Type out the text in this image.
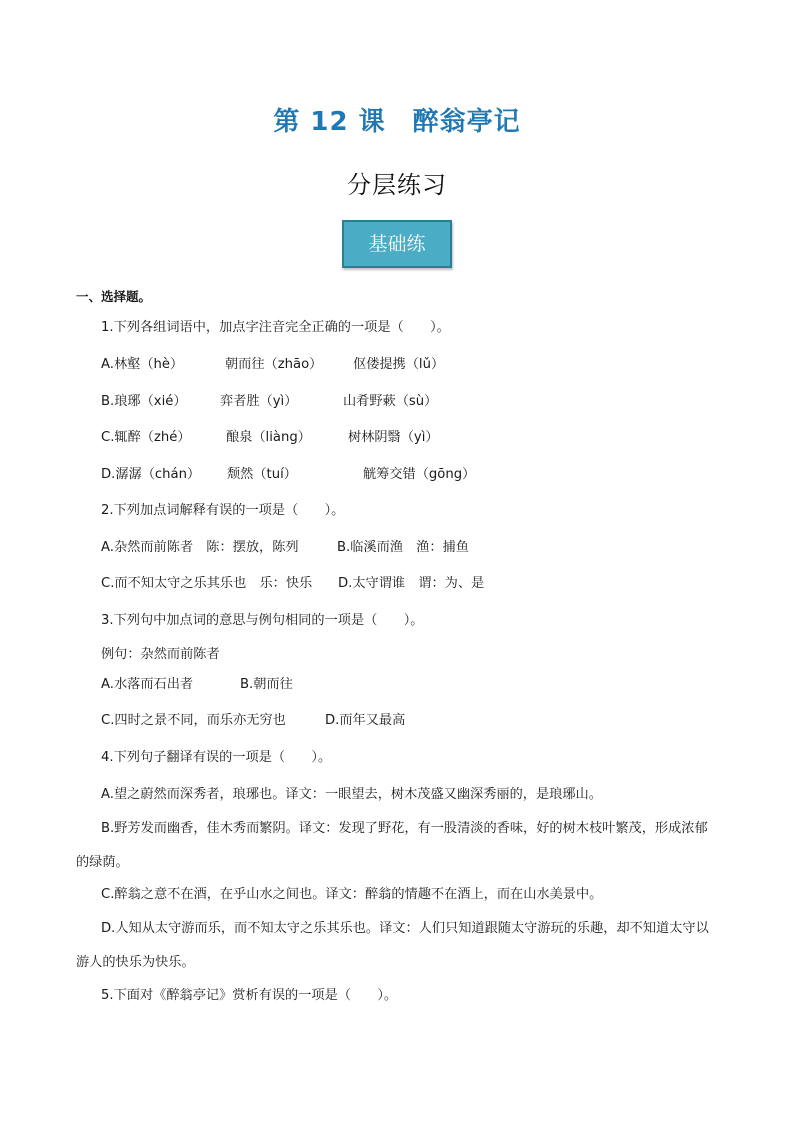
第 12 课　醉翁亭记
分层练习
基础练
一、选择题。
1.下列各组词语中，加点字注音完全正确的一项是（　　）。
A.林壑（hè）	朝而往（zhāo） 伛偻提携（lǔ）
B.琅琊（xié）	弈者胜（yì）	山肴野蔌（sù）
C.辄醉（zhé）	酿泉（liàng）	树林阴翳（yì）
D.潺潺（chán） 颓然（tuí）	觥筹交错（gōng）
2.下列加点词解释有误的一项是（　　）。
A.杂然而前陈者　陈：摆放，陈列	B.临溪而渔　渔：捕鱼
C.而不知太守之乐其乐也　乐：快乐 D.太守谓谁　谓：为、是
3.下列句中加点词的意思与例句相同的一项是（　　）。
例句：杂然而前陈者
A.水落而石出者	B.朝而往
C.四时之景不同，而乐亦无穷也	D.而年又最高
4.下列句子翻译有误的一项是（　　）。
A.望之蔚然而深秀者，琅琊也。译文：一眼望去，树木茂盛又幽深秀丽的，是琅琊山。
B.野芳发而幽香，佳木秀而繁阴。译文：发现了野花，有一股清淡的香味，好的树木枝叶繁茂，形成浓郁的绿荫。
C.醉翁之意不在酒，在乎山水之间也。译文：醉翁的情趣不在酒上，而在山水美景中。
D.人知从太守游而乐，而不知太守之乐其乐也。译文：人们只知道跟随太守游玩的乐趣，却不知道太守以游人的快乐为快乐。
5.下面对《醉翁亭记》赏析有误的一项是（　　）。
